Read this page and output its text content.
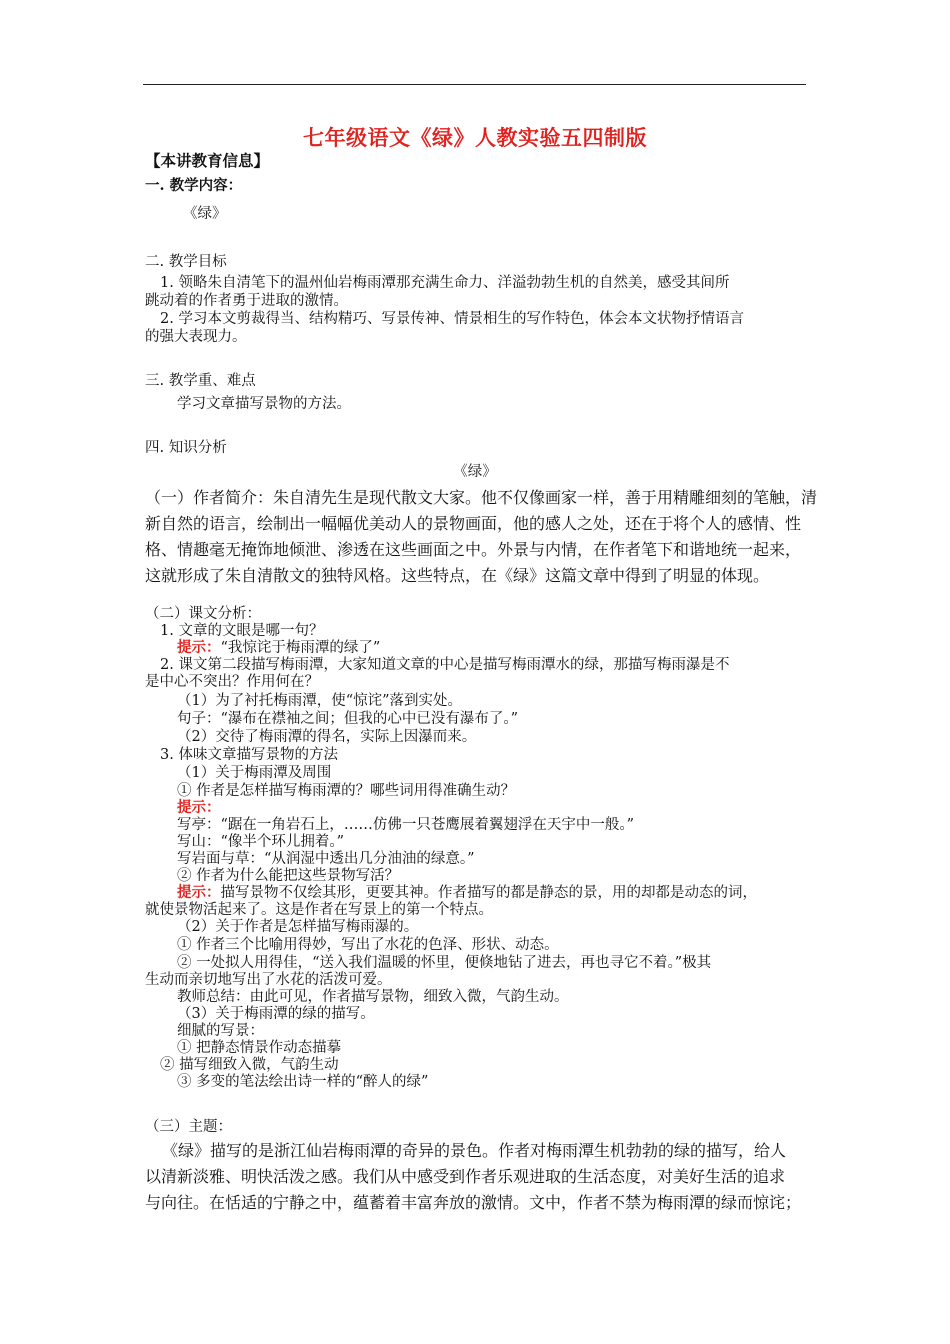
七年级语文《绿》人教实验五四制版
【本讲教育信息】
一. 教学内容：
《绿》
二. 教学目标
1. 领略朱自清笔下的温州仙岩梅雨潭那充满生命力、洋溢勃勃生机的自然美，感受其间所
跳动着的作者勇于进取的激情。
2. 学习本文剪裁得当、结构精巧、写景传神、情景相生的写作特色，体会本文状物抒情语言
的强大表现力。
三. 教学重、难点
学习文章描写景物的方法。
四. 知识分析
《绿》
（一）作者简介：朱自清先生是现代散文大家。他不仅像画家一样，善于用精雕细刻的笔触，清
新自然的语言，绘制出一幅幅优美动人的景物画面，他的感人之处，还在于将个人的感情、性
格、情趣毫无掩饰地倾泄、渗透在这些画面之中。外景与内情，在作者笔下和谐地统一起来，
这就形成了朱自清散文的独特风格。这些特点，在《绿》这篇文章中得到了明显的体现。
（二）课文分析：
1. 文章的文眼是哪一句？
提示：“我惊诧于梅雨潭的绿了”
2. 课文第二段描写梅雨潭，大家知道文章的中心是描写梅雨潭水的绿，那描写梅雨瀑是不
是中心不突出？作用何在？
（1）为了衬托梅雨潭，使“惊诧”落到实处。
句子：“瀑布在襟袖之间；但我的心中已没有瀑布了。”
（2）交待了梅雨潭的得名，实际上因瀑而来。
3. 体味文章描写景物的方法
（1）关于梅雨潭及周围
① 作者是怎样描写梅雨潭的？哪些词用得准确生动？
提示：
写亭：“踞在一角岩石上，……仿佛一只苍鹰展着翼翅浮在天宇中一般。”
写山：“像半个环儿拥着。”
写岩面与草：“从润湿中透出几分油油的绿意。”
② 作者为什么能把这些景物写活？
提示：描写景物不仅绘其形，更要其神。作者描写的都是静态的景，用的却都是动态的词，
就使景物活起来了。这是作者在写景上的第一个特点。
（2）关于作者是怎样描写梅雨瀑的。
① 作者三个比喻用得妙，写出了水花的色泽、形状、动态。
② 一处拟人用得佳，“送入我们温暖的怀里，便倏地钻了进去，再也寻它不着。”极其
生动而亲切地写出了水花的活泼可爱。
教师总结：由此可见，作者描写景物，细致入微，气韵生动。
（3）关于梅雨潭的绿的描写。
细腻的写景：
① 把静态情景作动态描摹
② 描写细致入微，气韵生动
③ 多变的笔法绘出诗一样的“醉人的绿”
（三）主题：
《绿》描写的是浙江仙岩梅雨潭的奇异的景色。作者对梅雨潭生机勃勃的绿的描写，给人
以清新淡雅、明快活泼之感。我们从中感受到作者乐观进取的生活态度，对美好生活的追求
与向往。在恬适的宁静之中，蕴蓄着丰富奔放的激情。文中，作者不禁为梅雨潭的绿而惊诧；
